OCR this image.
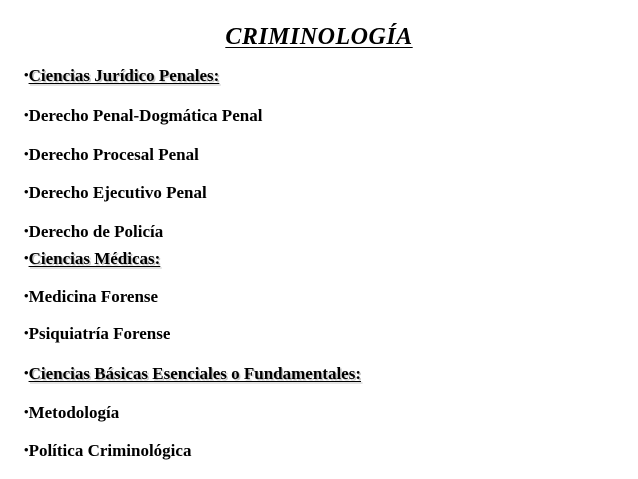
CRIMINOLOGÍA
•Ciencias Jurídico Penales:
•Derecho Penal-Dogmática Penal
•Derecho Procesal Penal
•Derecho Ejecutivo Penal
•Derecho de Policía
•Ciencias Médicas:
•Medicina Forense
•Psiquiatría Forense
•Ciencias Básicas Esenciales o Fundamentales:
•Metodología
•Política Criminológica
